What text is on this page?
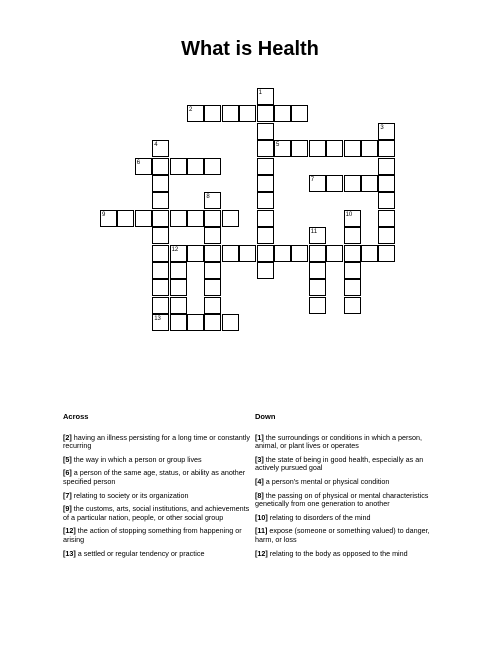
What is Health
1
2
3
4
13
5
6
7
8
9	10
11
12
Across
[2] having an illness persisting for a long time or constantly recurring
[5] the way in which a person or group lives
[6] a person of the same age, status, or ability as another specified person
[7] relating to society or its organization
[9] the customs, arts, social institutions, and achievements of a particular nation, people, or other social group
[12] the action of stopping something from happening or arising
[13] a settled or regular tendency or practice
Down
[1] the surroundings or conditions in which a person, animal, or plant lives or operates
[3] the state of being in good health, especially as an actively pursued goal
[4] a person's mental or physical condition
[8] the passing on of physical or mental characteristics genetically from one generation to another
[10] relating to disorders of the mind
[11] expose (someone or something valued) to danger, harm, or loss
[12] relating to the body as opposed to the mind
